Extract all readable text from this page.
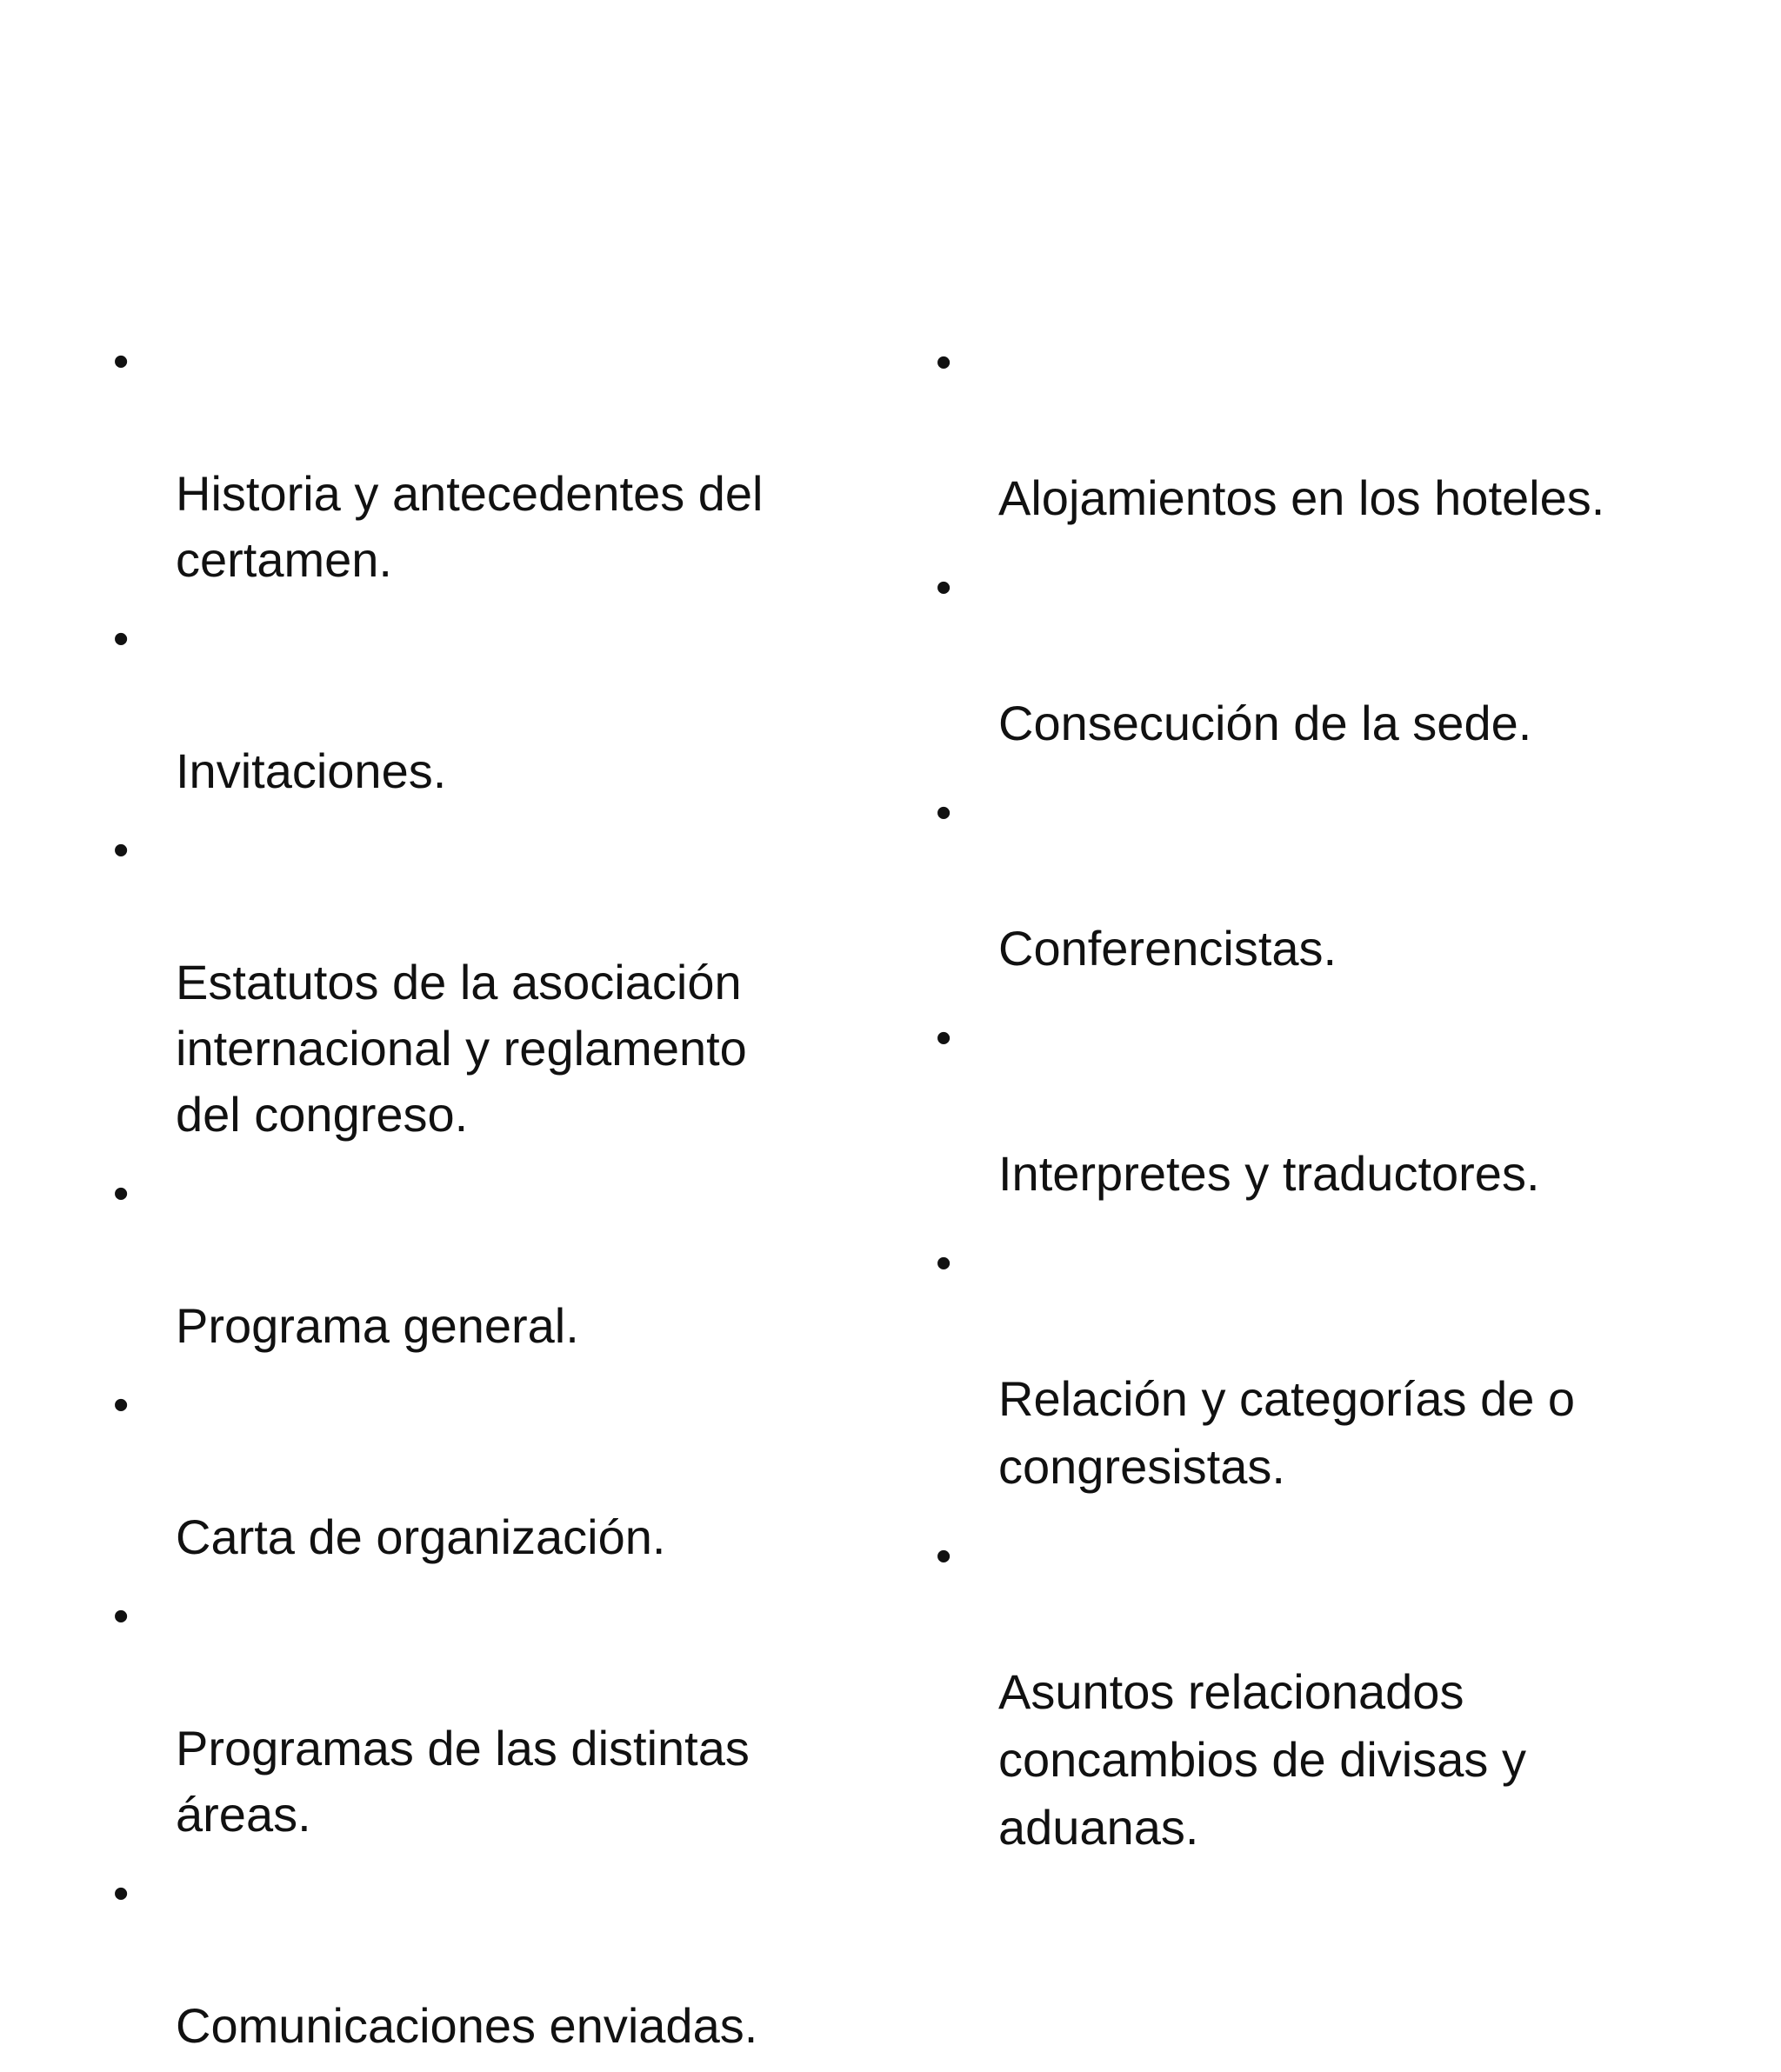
•

Historia y antecedentes del
certamen.

•

Invitaciones.

•

Estatutos de la asociación
internacional y reglamento
del congreso.

•

Programa general.

•

Carta de organización.

•

Programas de las distintas
áreas.

•

Comunicaciones enviadas.

•

Alojamientos en los hoteles.

•

Consecución de la sede.

•

Conferencistas.

•

Interpretes y traductores.

•

Relación y categorías de o
congresistas.

•

Asuntos relacionados
concambios de divisas y
aduanas.
